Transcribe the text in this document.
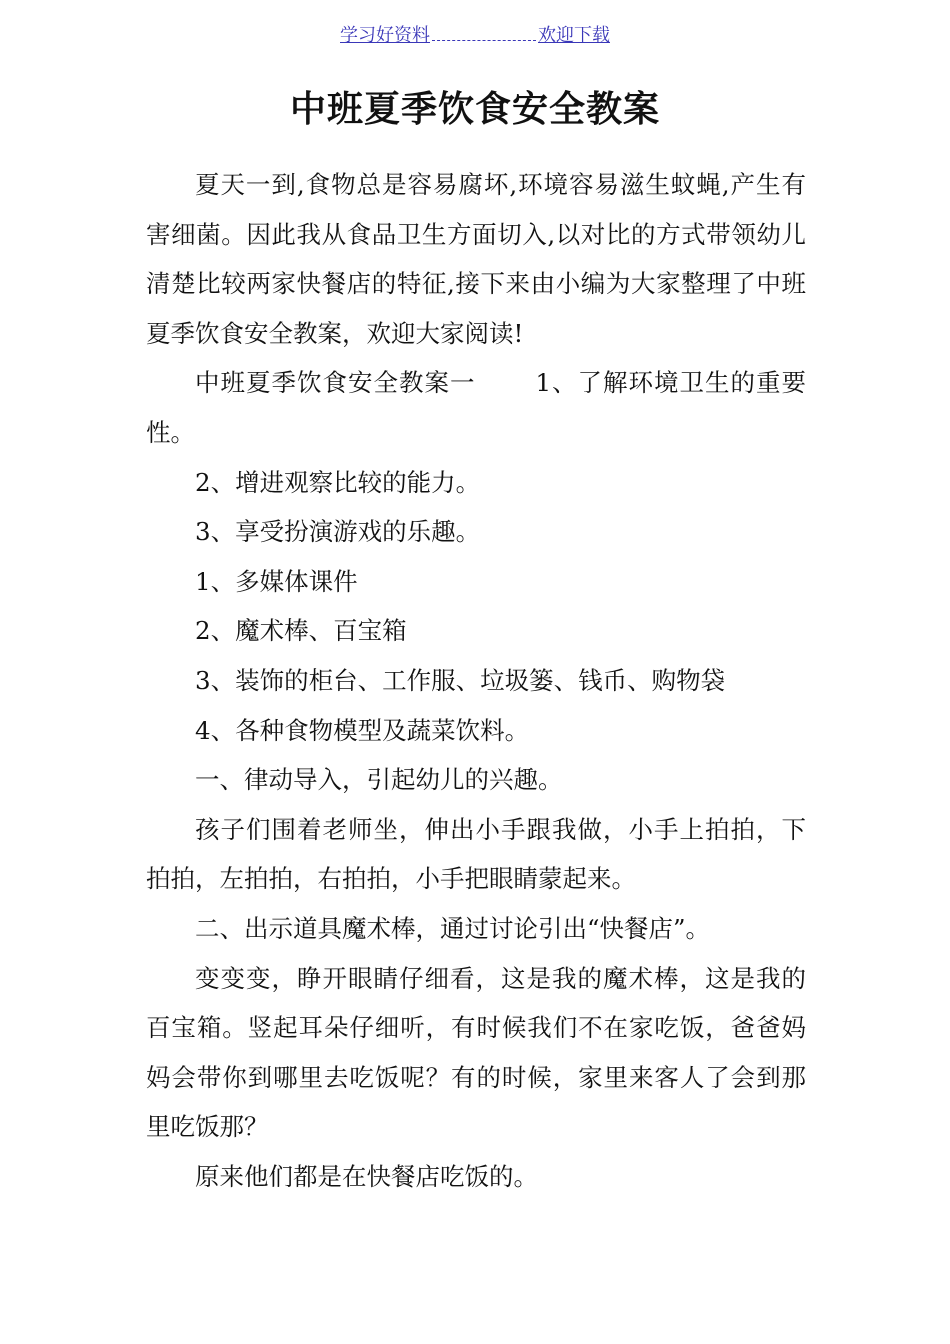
学习好资料	欢迎下载
中班夏季饮食安全教案

夏天一到,食物总是容易腐坏,环境容易滋生蚊蝇,产生有害细菌。因此我从食品卫生方面切入,以对比的方式带领幼儿清楚比较两家快餐店的特征,接下来由小编为大家整理了中班夏季饮食安全教案，欢迎大家阅读!

中班夏季饮食安全教案一 1、了解环境卫生的重要性。

2、增进观察比较的能力。

3、享受扮演游戏的乐趣。

1、多媒体课件

2、魔术棒、百宝箱

3、装饰的柜台、工作服、垃圾篓、钱币、购物袋

4、各种食物模型及蔬菜饮料。

一、律动导入，引起幼儿的兴趣。

孩子们围着老师坐，伸出小手跟我做，小手上拍拍，下拍拍，左拍拍，右拍拍，小手把眼睛蒙起来。

二、出示道具魔术棒，通过讨论引出“快餐店”。

变变变，睁开眼睛仔细看，这是我的魔术棒，这是我的百宝箱。竖起耳朵仔细听，有时候我们不在家吃饭，爸爸妈妈会带你到哪里去吃饭呢？有的时候，家里来客人了会到那里吃饭那？

原来他们都是在快餐店吃饭的。
